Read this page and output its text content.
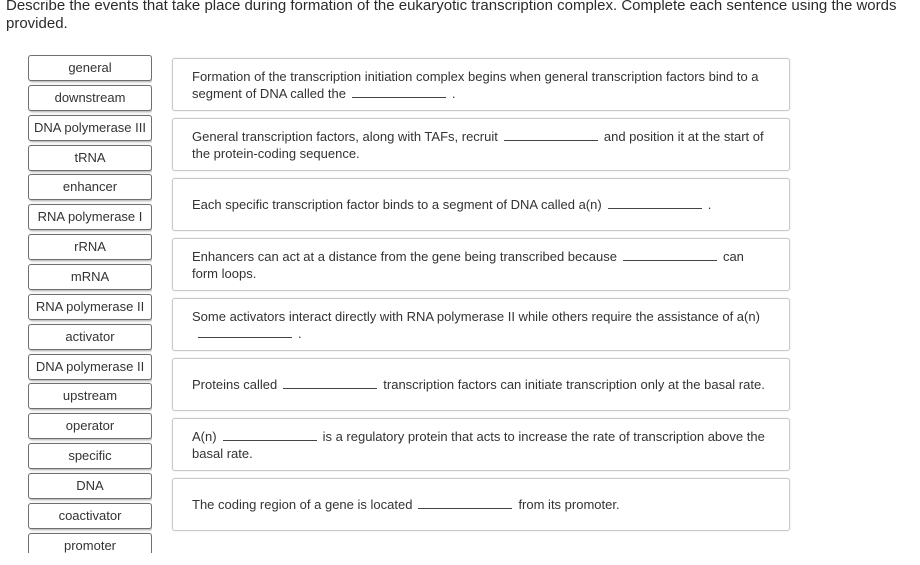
Describe the events that take place during formation of the eukaryotic transcription complex. Complete each sentence using the words provided.
general
downstream
DNA polymerase III
tRNA
enhancer
RNA polymerase I
rRNA
mRNA
RNA polymerase II
activator
DNA polymerase II
upstream
operator
specific
DNA
coactivator
promoter
Formation of the transcription initiation complex begins when general transcription factors bind to a segment of DNA called the	.
General transcription factors, along with TAFs, recruit	and position it at the start of the protein-coding sequence.
Each specific transcription factor binds to a segment of DNA called a(n)	.
Enhancers can act at a distance from the gene being transcribed because	can form loops.
Some activators interact directly with RNA polymerase II while others require the assistance of a(n).
Proteins called	transcription factors can initiate transcription only at the basal rate.
A(n)	is a regulatory protein that acts to increase the rate of transcription above the basal rate.
The coding region of a gene is located	from its promoter.
